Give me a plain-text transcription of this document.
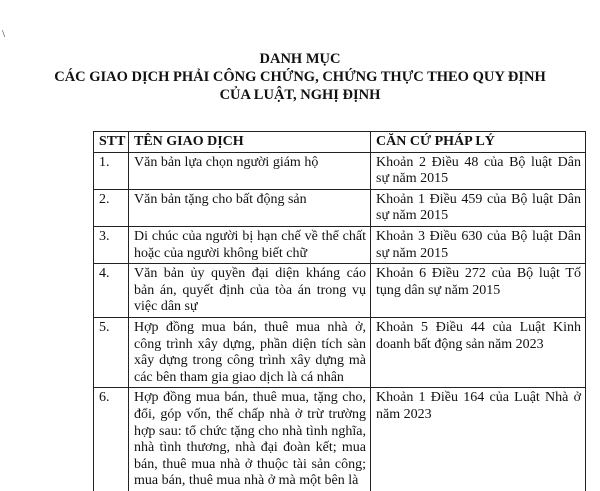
\
DANH MỤC
CÁC GIAO DỊCH PHẢI CÔNG CHỨNG, CHỨNG THỰC THEO QUY ĐỊNH
CỦA LUẬT, NGHỊ ĐỊNH
STT	TÊN GIAO DỊCH	CĂN CỨ PHÁP LÝ
1.	Văn bản lựa chọn người giám hộ	Khoản 2 Điều 48 của Bộ luật Dân sự năm 2015
2.	Văn bản tặng cho bất động sản	Khoản 1 Điều 459 của Bộ luật Dân sự năm 2015
3.	Di chúc của người bị hạn chế về thể chất hoặc của người không biết chữ	Khoản 3 Điều 630 của Bộ luật Dân sự năm 2015
4.	Văn bản ủy quyền đại diện kháng cáo bản án, quyết định của tòa án trong vụ việc dân sự	Khoản 6 Điều 272 của Bộ luật Tố tụng dân sự năm 2015
5.	Hợp đồng mua bán, thuê mua nhà ở, công trình xây dựng, phần diện tích sàn xây dựng trong công trình xây dựng mà các bên tham gia giao dịch là cá nhân	Khoản 5 Điều 44 của Luật Kinh doanh bất động sản năm 2023
6.	Hợp đồng mua bán, thuê mua, tặng cho, đổi, góp vốn, thế chấp nhà ở trừ trường hợp sau: tổ chức tặng cho nhà tình nghĩa, nhà tình thương, nhà đại đoàn kết; mua bán, thuê mua nhà ở thuộc tài sản công; mua bán, thuê mua nhà ở mà một bên là	Khoản 1 Điều 164 của Luật Nhà ở năm 2023
